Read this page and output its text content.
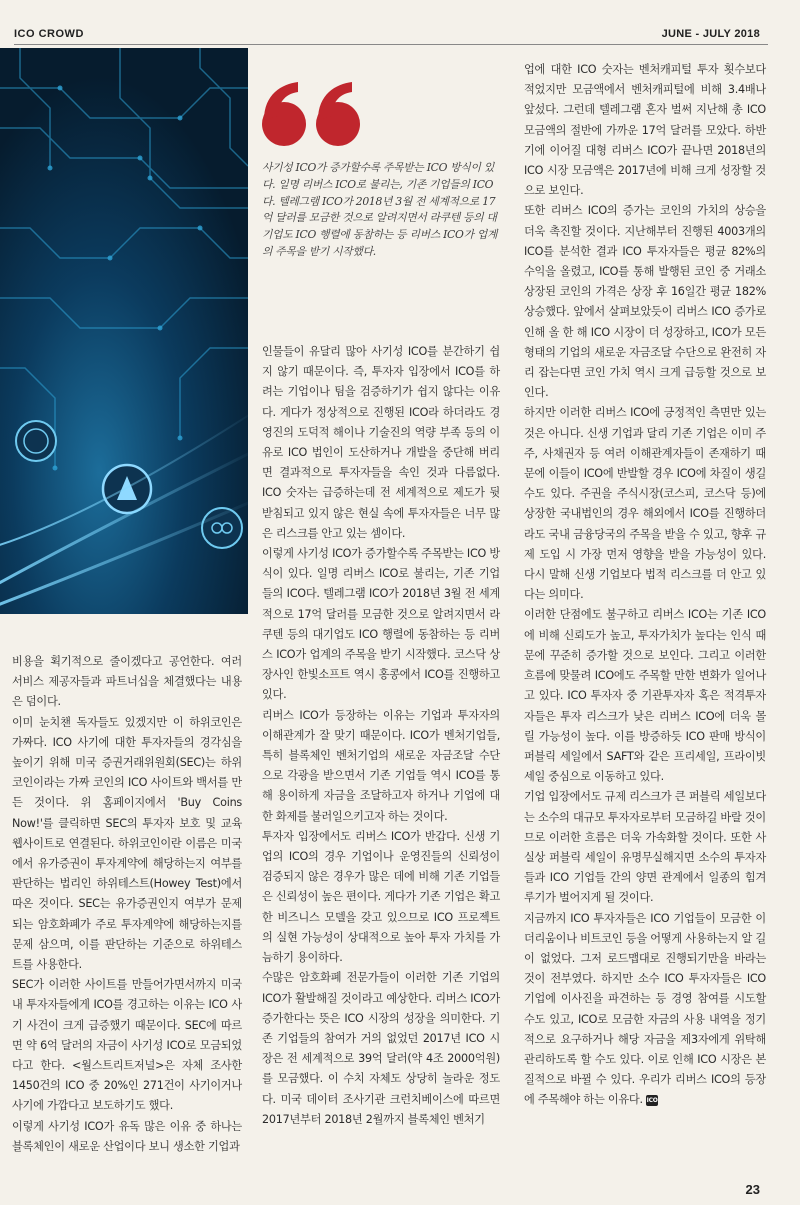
ICO CROWD	JUNE - JULY 2018
사기성 ICO가 증가할수록 주목받는 ICO 방식이 있다. 일명 리버스 ICO로 불리는, 기존 기업들의 ICO다. 텔레그램 ICO가 2018년 3월 전 세계적으로 17억 달러를 모금한 것으로 알려지면서 라쿠텐 등의 대기업도 ICO 행렬에 동참하는 등 리버스 ICO가 업계의 주목을 받기 시작했다.

비용을 획기적으로 줄이겠다고 공언한다. 여러 서비스 제공자들과 파트너십을 체결했다는 내용은 덤이다.

이미 눈치챈 독자들도 있겠지만 이 하위코인은 가짜다. ICO 사기에 대한 투자자들의 경각심을 높이기 위해 미국 증권거래위원회(SEC)는 하위코인이라는 가짜 코인의 ICO 사이트와 백서를 만든 것이다. 위 홈페이지에서 'Buy Coins Now!'를 클릭하면 SEC의 투자자 보호 및 교육 웹사이트로 연결된다. 하위코인이란 이름은 미국에서 유가증권이 투자계약에 해당하는지 여부를 판단하는 법리인 하위테스트(Howey Test)에서 따온 것이다. SEC는 유가증권인지 여부가 문제되는 암호화폐가 주로 투자계약에 해당하는지를 문제 삼으며, 이를 판단하는 기준으로 하위테스트를 사용한다.

SEC가 이러한 사이트를 만들어가면서까지 미국 내 투자자들에게 ICO를 경고하는 이유는 ICO 사기 사건이 크게 급증했기 때문이다. SEC에 따르면 약 6억 달러의 자금이 사기성 ICO로 모금되었다고 한다. <월스트리트저널>은 자체 조사한 1450건의 ICO 중 20%인 271건이 사기이거나 사기에 가깝다고 보도하기도 했다.

이렇게 사기성 ICO가 유독 많은 이유 중 하나는 블록체인이 새로운 산업이다 보니 생소한 기업과

인물들이 유달리 많아 사기성 ICO를 분간하기 쉽지 않기 때문이다. 즉, 투자자 입장에서 ICO를 하려는 기업이나 팀을 검증하기가 쉽지 않다는 이유다. 게다가 정상적으로 진행된 ICO라 하더라도 경영진의 도덕적 해이나 기술진의 역량 부족 등의 이유로 ICO 법인이 도산하거나 개발을 중단해 버리면 결과적으로 투자자들을 속인 것과 다름없다. ICO 숫자는 급증하는데 전 세계적으로 제도가 뒷받침되고 있지 않은 현실 속에 투자자들은 너무 많은 리스크를 안고 있는 셈이다.

이렇게 사기성 ICO가 증가할수록 주목받는 ICO 방식이 있다. 일명 리버스 ICO로 불리는, 기존 기업들의 ICO다. 텔레그램 ICO가 2018년 3월 전 세계적으로 17억 달러를 모금한 것으로 알려지면서 라쿠텐 등의 대기업도 ICO 행렬에 동참하는 등 리버스 ICO가 업계의 주목을 받기 시작했다. 코스닥 상장사인 한빛소프트 역시 홍콩에서 ICO를 진행하고 있다.

리버스 ICO가 등장하는 이유는 기업과 투자자의 이해관계가 잘 맞기 때문이다. ICO가 벤처기업들, 특히 블록체인 벤처기업의 새로운 자금조달 수단으로 각광을 받으면서 기존 기업들 역시 ICO를 통해 용이하게 자금을 조달하고자 하거나 기업에 대한 화제를 불러일으키고자 하는 것이다.

투자자 입장에서도 리버스 ICO가 반갑다. 신생 기업의 ICO의 경우 기업이나 운영진들의 신뢰성이 검증되지 않은 경우가 많은 데에 비해 기존 기업들은 신뢰성이 높은 편이다. 게다가 기존 기업은 확고한 비즈니스 모델을 갖고 있으므로 ICO 프로젝트의 실현 가능성이 상대적으로 높아 투자 가치를 가늠하기 용이하다.

수많은 암호화폐 전문가들이 이러한 기존 기업의 ICO가 활발해질 것이라고 예상한다. 리버스 ICO가 증가한다는 뜻은 ICO 시장의 성장을 의미한다. 기존 기업들의 참여가 거의 없었던 2017년 ICO 시장은 전 세계적으로 39억 달러(약 4조 2000억원)를 모금했다. 이 수치 자체도 상당히 놀라운 정도다. 미국 데이터 조사기관 크런치베이스에 따르면 2017년부터 2018년 2월까지 블록체인 벤처기

업에 대한 ICO 숫자는 벤처캐피털 투자 횟수보다 적었지만 모금액에서 벤처캐피털에 비해 3.4배나 앞섰다. 그런데 텔레그램 혼자 벌써 지난해 총 ICO 모금액의 절반에 가까운 17억 달러를 모았다. 하반기에 이어질 대형 리버스 ICO가 끝나면 2018년의 ICO 시장 모금액은 2017년에 비해 크게 성장할 것으로 보인다.

또한 리버스 ICO의 증가는 코인의 가치의 상승을 더욱 촉진할 것이다. 지난해부터 진행된 4003개의 ICO를 분석한 결과 ICO 투자자들은 평균 82%의 수익을 올렸고, ICO를 통해 발행된 코인 중 거래소 상장된 코인의 가격은 상장 후 16일간 평균 182% 상승했다. 앞에서 살펴보았듯이 리버스 ICO 증가로 인해 올 한 해 ICO 시장이 더 성장하고, ICO가 모든 형태의 기업의 새로운 자금조달 수단으로 완전히 자리 잡는다면 코인 가치 역시 크게 급등할 것으로 보인다.

하지만 이러한 리버스 ICO에 긍정적인 측면만 있는 것은 아니다. 신생 기업과 달리 기존 기업은 이미 주주, 사채권자 등 여러 이해관계자들이 존재하기 때문에 이들이 ICO에 반발할 경우 ICO에 차질이 생길 수도 있다. 주권을 주식시장(코스피, 코스닥 등)에 상장한 국내법인의 경우 해외에서 ICO를 진행하더라도 국내 금융당국의 주목을 받을 수 있고, 향후 규제 도입 시 가장 먼저 영향을 받을 가능성이 있다. 다시 말해 신생 기업보다 법적 리스크를 더 안고 있다는 의미다.

이러한 단점에도 불구하고 리버스 ICO는 기존 ICO에 비해 신뢰도가 높고, 투자가치가 높다는 인식 때문에 꾸준히 증가할 것으로 보인다. 그리고 이러한 흐름에 맞물려 ICO에도 주목할 만한 변화가 일어나고 있다. ICO 투자자 중 기관투자자 혹은 적격투자자들은 투자 리스크가 낮은 리버스 ICO에 더욱 몰릴 가능성이 높다. 이를 방증하듯 ICO 판매 방식이 퍼블릭 세일에서 SAFT와 같은 프리세일, 프라이빗 세일 중심으로 이동하고 있다.

기업 입장에서도 규제 리스크가 큰 퍼블릭 세일보다는 소수의 대규모 투자자로부터 모금하길 바랄 것이므로 이러한 흐름은 더욱 가속화할 것이다. 또한 사실상 퍼블릭 세일이 유명무실해지면 소수의 투자자들과 ICO 기업들 간의 양면 관계에서 일종의 힘겨루기가 벌어지게 될 것이다.

지금까지 ICO 투자자들은 ICO 기업들이 모금한 이더리움이나 비트코인 등을 어떻게 사용하는지 알 길이 없었다. 그저 로드맵대로 진행되기만을 바라는 것이 전부였다. 하지만 소수 ICO 투자자들은 ICO 기업에 이사진을 파견하는 등 경영 참여를 시도할 수도 있고, ICO로 모금한 자금의 사용 내역을 정기적으로 요구하거나 해당 자금을 제3자에게 위탁해 관리하도록 할 수도 있다. 이로 인해 ICO 시장은 본질적으로 바뀔 수 있다. 우리가 리버스 ICO의 등장에 주목해야 하는 이유다. ICO

23
